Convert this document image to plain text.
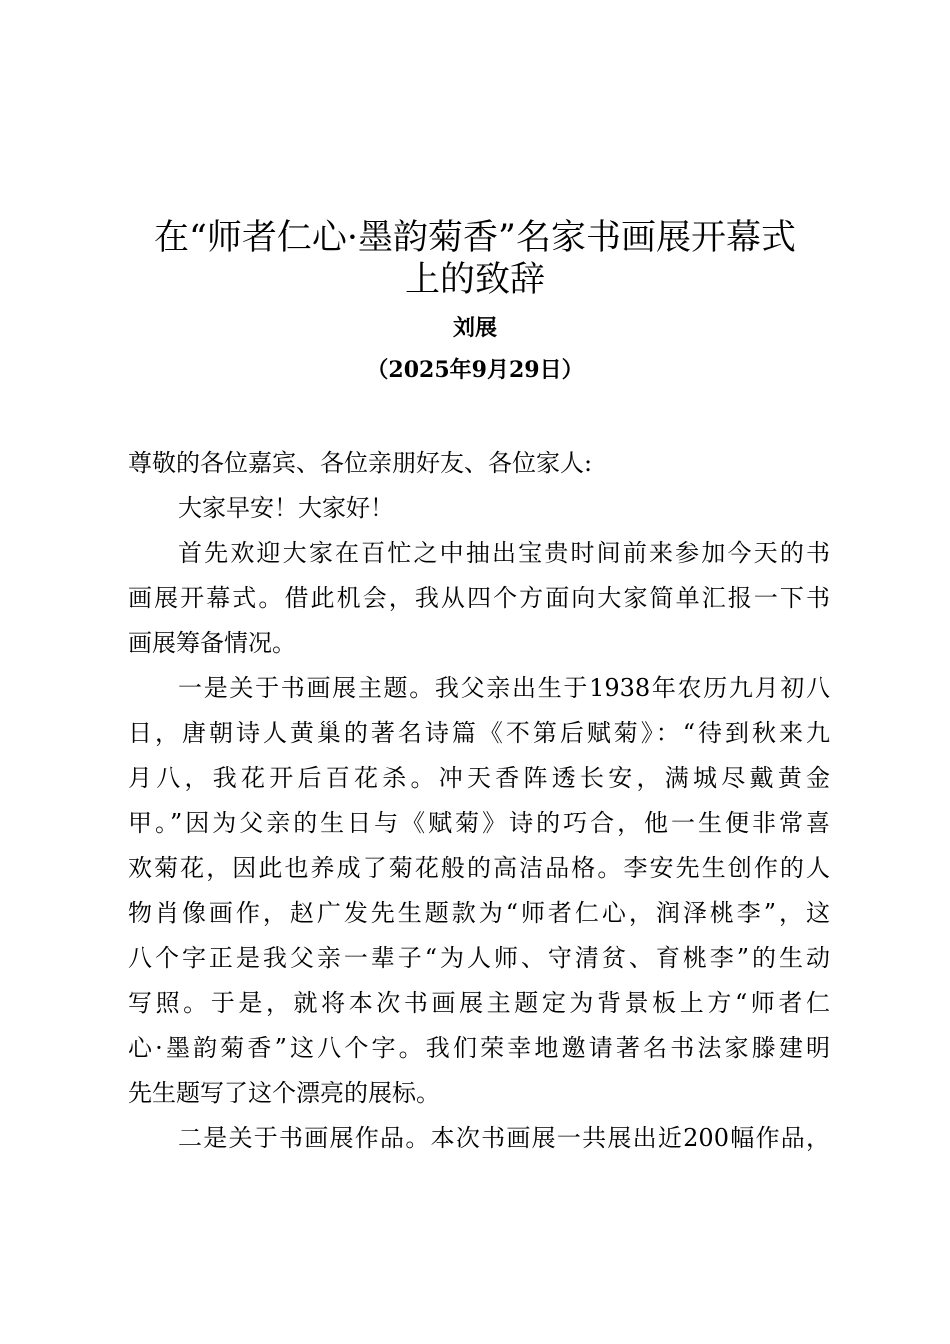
在“师者仁心·墨韵菊香”名家书画展开幕式
上的致辞
刘展
（2025年9月29日）
尊敬的各位嘉宾、各位亲朋好友、各位家人:
大家早安！大家好！
首先欢迎大家在百忙之中抽出宝贵时间前来参加今天的书
画展开幕式。借此机会，我从四个方面向大家简单汇报一下书
画展筹备情况。
一是关于书画展主题。我父亲出生于1938年农历九月初八
日，唐朝诗人黄巢的著名诗篇《不第后赋菊》：“待到秋来九
月八，我花开后百花杀。冲天香阵透长安，满城尽戴黄金
甲。”因为父亲的生日与《赋菊》诗的巧合，他一生便非常喜
欢菊花，因此也养成了菊花般的高洁品格。李安先生创作的人
物肖像画作，赵广发先生题款为“师者仁心，润泽桃李”，这
八个字正是我父亲一辈子“为人师、守清贫、育桃李”的生动
写照。于是，就将本次书画展主题定为背景板上方“师者仁
心·墨韵菊香”这八个字。我们荣幸地邀请著名书法家滕建明
先生题写了这个漂亮的展标。
二是关于书画展作品。本次书画展一共展出近200幅作品，
